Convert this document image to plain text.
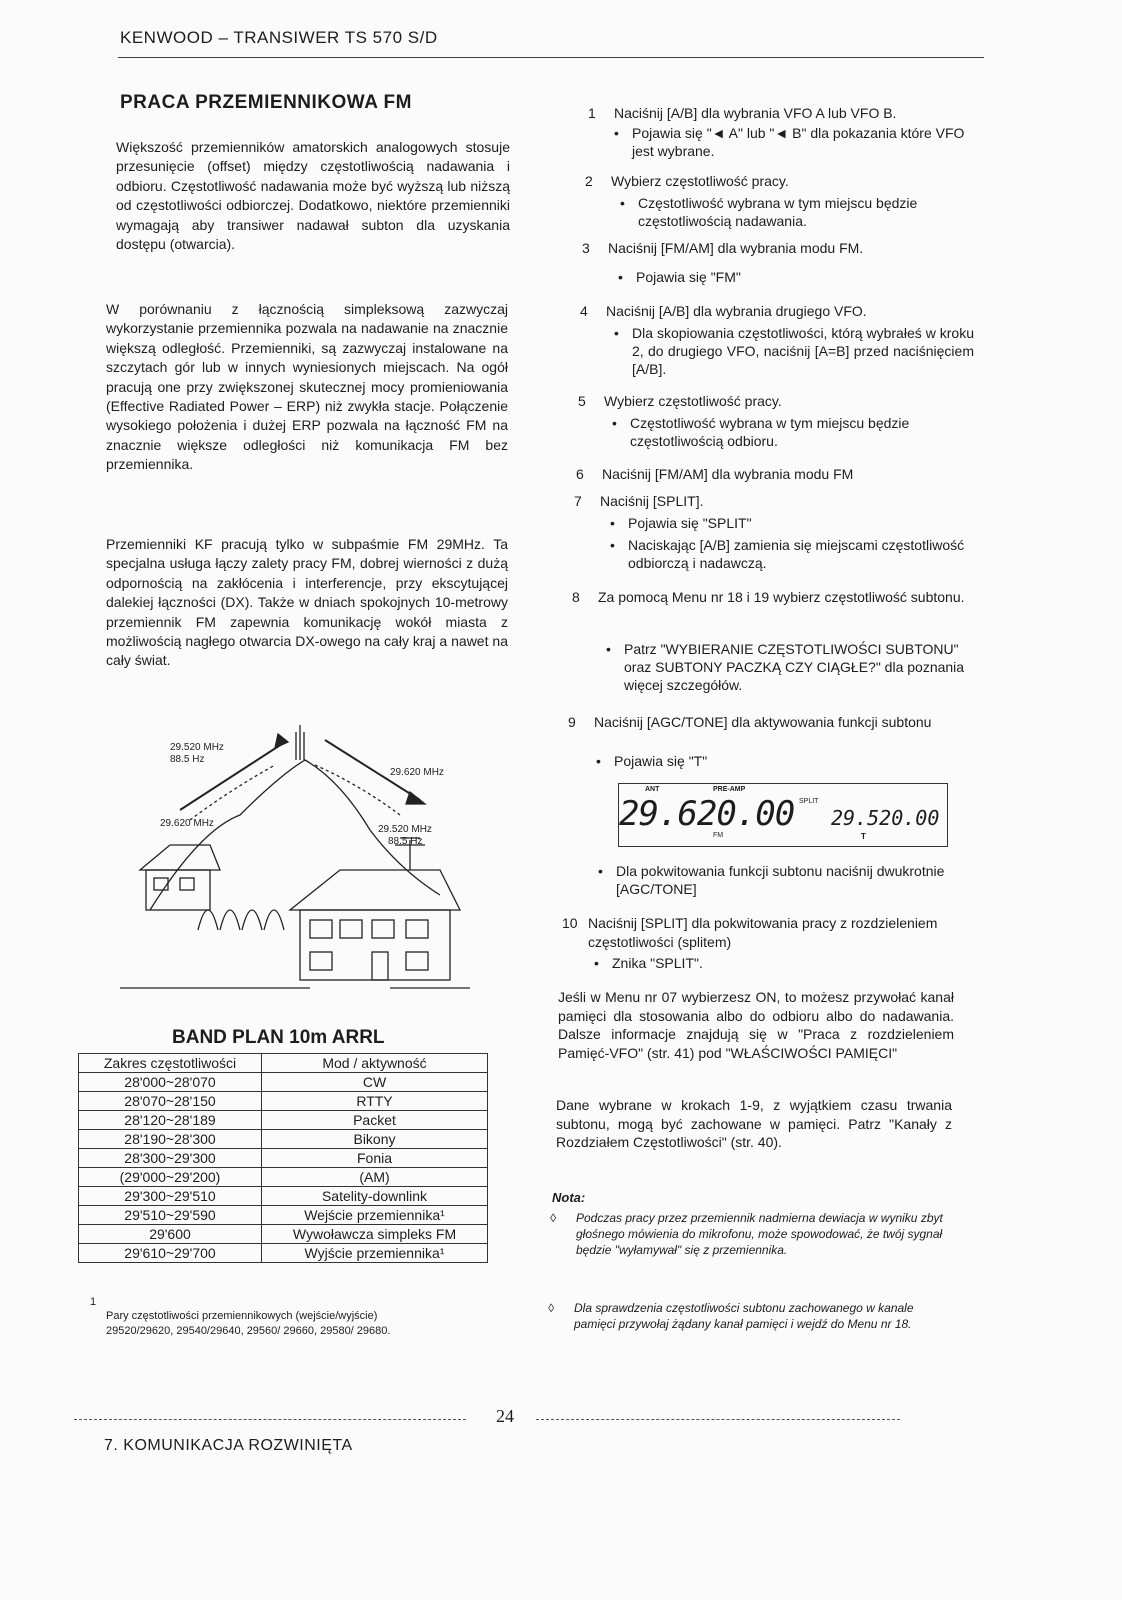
KENWOOD – TRANSIWER TS 570 S/D
PRACA PRZEMIENNIKOWA FM
Większość przemienników amatorskich analogowych stosuje przesunięcie (offset) między częstotliwością nadawania i odbioru. Częstotliwość nadawania może być wyższą lub niższą od częstotliwości odbiorczej. Dodatkowo, niektóre przemienniki wymagają aby transiwer nadawał subton dla uzyskania dostępu (otwarcia).
W porównaniu z łącznością simpleksową zazwyczaj wykorzystanie przemiennika pozwala na nadawanie na znacznie większą odległość. Przemienniki, są zazwyczaj instalowane na szczytach gór lub w innych wyniesionych miejscach. Na ogół pracują one przy zwiększonej skutecznej mocy promieniowania (Effective Radiated Power – ERP) niż zwykła stacje. Połączenie wysokiego położenia i dużej ERP pozwala na łączność FM na znacznie większe odległości niż komunikacja FM bez przemiennika.
Przemienniki KF pracują tylko w subpaśmie FM 29MHz. Ta specjalna usługa łączy zalety pracy FM, dobrej wierności z dużą odpornością na zakłócenia i interferencje, przy ekscytującej dalekiej łączności (DX). Także w dniach spokojnych 10-metrowy przemiennik FM zapewnia komunikację wokół miasta z możliwością nagłego otwarcia DX-owego na cały kraj a nawet na cały świat.
29.520 MHz
88.5 Hz
29.620 MHz
29.620 MHz
29.520 MHz
88.5 Hz
BAND PLAN 10m ARRL
Zakres częstotliwości	Mod / aktywność
28'000~28'070	CW
28'070~28'150	RTTY
28'120~28'189	Packet
28'190~28'300	Bikony
28'300~29'300	Fonia
(29'000~29'200)	(AM)
29'300~29'510	Satelity-downlink
29'510~29'590	Wejście przemiennika¹
29'600	Wywoławcza simpleks FM
29'610~29'700	Wyjście przemiennika¹
1
Pary częstotliwości przemiennikowych (wejście/wyjście)
29520/29620, 29540/29640, 29560/ 29660, 29580/ 29680.
1 Naciśnij [A/B] dla wybrania VFO A lub VFO B.
• Pojawia się "◄ A" lub "◄ B" dla pokazania które VFO jest wybrane.
2 Wybierz częstotliwość pracy.
• Częstotliwość wybrana w tym miejscu będzie częstotliwością nadawania.
3 Naciśnij [FM/AM] dla wybrania modu FM.
• Pojawia się "FM"
4 Naciśnij [A/B] dla wybrania drugiego VFO.
• Dla skopiowania częstotliwości, którą wybrałeś w kroku 2, do drugiego VFO, naciśnij [A=B] przed naciśnięciem [A/B].
5 Wybierz częstotliwość pracy.
• Częstotliwość wybrana w tym miejscu będzie częstotliwością odbioru.
6 Naciśnij [FM/AM] dla wybrania modu FM
7 Naciśnij [SPLIT].
• Pojawia się "SPLIT"
• Naciskając [A/B] zamienia się miejscami częstotliwość odbiorczą i nadawczą.
8 Za pomocą Menu nr 18 i 19 wybierz częstotliwość subtonu.
• Patrz "WYBIERANIE CZĘSTOTLIWOŚCI SUBTONU" oraz SUBTONY PACZKĄ CZY CIĄGŁE?" dla poznania więcej szczegółów.
9 Naciśnij [AGC/TONE] dla aktywowania funkcji subtonu
• Pojawia się "T"
ANT	PRE-AMP
29.620.00 SPLIT
29.520.00
FM	T
• Dla pokwitowania funkcji subtonu naciśnij dwukrotnie [AGC/TONE]
10 Naciśnij [SPLIT] dla pokwitowania pracy z rozdzieleniem częstotliwości (splitem)
• Znika "SPLIT".
Jeśli w Menu nr 07 wybierzesz ON, to możesz przywołać kanał pamięci dla stosowania albo do odbioru albo do nadawania. Dalsze informacje znajdują się w "Praca z rozdzieleniem Pamięć-VFO" (str. 41) pod "WŁAŚCIWOŚCI PAMIĘCI"
Dane wybrane w krokach 1-9, z wyjątkiem czasu trwania subtonu, mogą być zachowane w pamięci. Patrz "Kanały z Rozdziałem Częstotliwości" (str. 40).
Nota:
◊ Podczas pracy przez przemiennik nadmierna dewiacja w wyniku zbyt głośnego mówienia do mikrofonu, może spowodować, że twój sygnał będzie "wyłamywał" się z przemiennika.
◊ Dla sprawdzenia częstotliwości subtonu zachowanego w kanale pamięci przywołaj żądany kanał pamięci i wejdź do Menu nr 18.
24
7. KOMUNIKACJA ROZWINIĘTA
